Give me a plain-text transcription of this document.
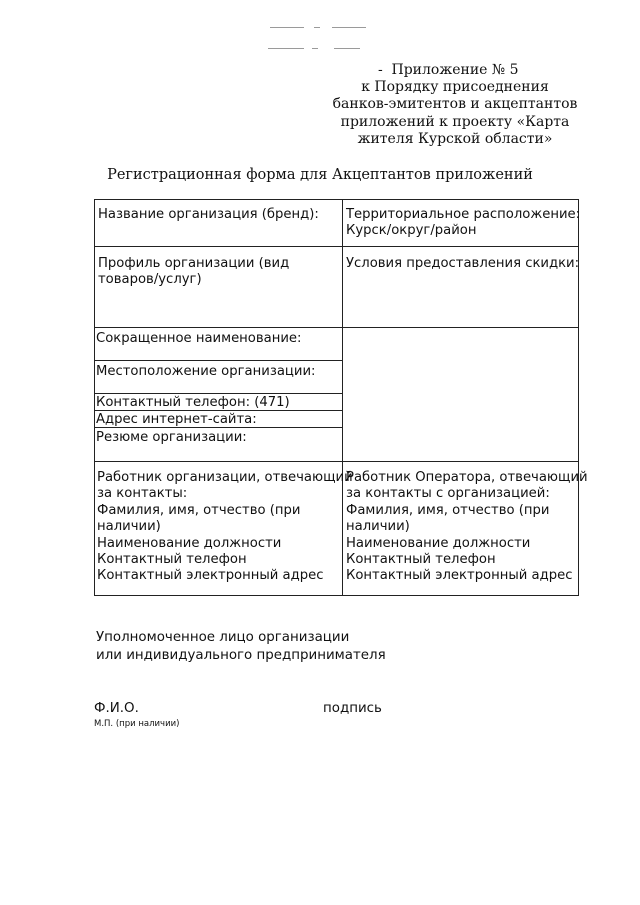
- Приложение № 5
к Порядку присоеднения
банков-эмитентов и акцептантов
приложений к проекту «Карта
жителя Курской области»
Регистрационная форма для Акцептантов приложений
Название организация (бренд): Территориальное расположение:
Курск/округ/район
Профиль организации (вид
товаров/услуг)
Условия предоставления скидки:
Сокращенное наименование:
Местоположение организации:
Контактный телефон: (471)
Адрес интернет-сайта:
Резюме организации:
Работник организации, отвечающий
за контакты:
Фамилия, имя, отчество (при
наличии)
Наименование должности
Контактный телефон
Контактный электронный адрес
Работник Оператора, отвечающий
за контакты с организацией:
Фамилия, имя, отчество (при
наличии)
Наименование должности
Контактный телефон
Контактный электронный адрес
Уполномоченное лицо организации
или индивидуального предпринимателя
Ф.И.О.	подпись
М.П. (при наличии)
